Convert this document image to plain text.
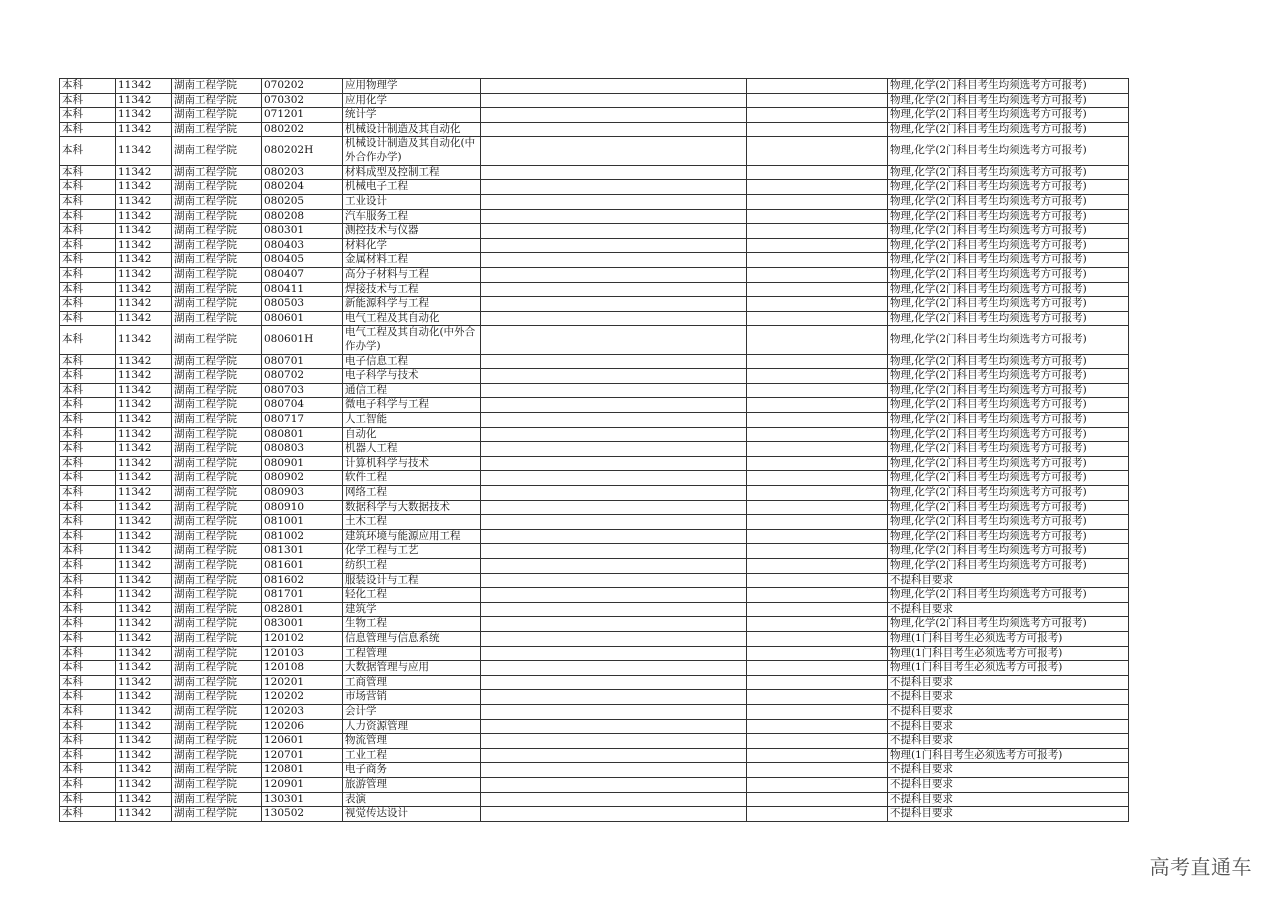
本科	11342	湖南工程学院	070202	应用物理学			物理,化学(2门科目考生均须选考方可报考)
本科	11342	湖南工程学院	070302	应用化学			物理,化学(2门科目考生均须选考方可报考)
本科	11342	湖南工程学院	071201	统计学			物理,化学(2门科目考生均须选考方可报考)
本科	11342	湖南工程学院	080202	机械设计制造及其自动化			物理,化学(2门科目考生均须选考方可报考)
本科	11342	湖南工程学院	080202H	机械设计制造及其自动化(中外合作办学)			物理,化学(2门科目考生均须选考方可报考)
本科	11342	湖南工程学院	080203	材料成型及控制工程			物理,化学(2门科目考生均须选考方可报考)
本科	11342	湖南工程学院	080204	机械电子工程			物理,化学(2门科目考生均须选考方可报考)
本科	11342	湖南工程学院	080205	工业设计			物理,化学(2门科目考生均须选考方可报考)
本科	11342	湖南工程学院	080208	汽车服务工程			物理,化学(2门科目考生均须选考方可报考)
本科	11342	湖南工程学院	080301	测控技术与仪器			物理,化学(2门科目考生均须选考方可报考)
本科	11342	湖南工程学院	080403	材料化学			物理,化学(2门科目考生均须选考方可报考)
本科	11342	湖南工程学院	080405	金属材料工程			物理,化学(2门科目考生均须选考方可报考)
本科	11342	湖南工程学院	080407	高分子材料与工程			物理,化学(2门科目考生均须选考方可报考)
本科	11342	湖南工程学院	080411	焊接技术与工程			物理,化学(2门科目考生均须选考方可报考)
本科	11342	湖南工程学院	080503	新能源科学与工程			物理,化学(2门科目考生均须选考方可报考)
本科	11342	湖南工程学院	080601	电气工程及其自动化			物理,化学(2门科目考生均须选考方可报考)
本科	11342	湖南工程学院	080601H	电气工程及其自动化(中外合作办学)			物理,化学(2门科目考生均须选考方可报考)
本科	11342	湖南工程学院	080701	电子信息工程			物理,化学(2门科目考生均须选考方可报考)
本科	11342	湖南工程学院	080702	电子科学与技术			物理,化学(2门科目考生均须选考方可报考)
本科	11342	湖南工程学院	080703	通信工程			物理,化学(2门科目考生均须选考方可报考)
本科	11342	湖南工程学院	080704	微电子科学与工程			物理,化学(2门科目考生均须选考方可报考)
本科	11342	湖南工程学院	080717	人工智能			物理,化学(2门科目考生均须选考方可报考)
本科	11342	湖南工程学院	080801	自动化			物理,化学(2门科目考生均须选考方可报考)
本科	11342	湖南工程学院	080803	机器人工程			物理,化学(2门科目考生均须选考方可报考)
本科	11342	湖南工程学院	080901	计算机科学与技术			物理,化学(2门科目考生均须选考方可报考)
本科	11342	湖南工程学院	080902	软件工程			物理,化学(2门科目考生均须选考方可报考)
本科	11342	湖南工程学院	080903	网络工程			物理,化学(2门科目考生均须选考方可报考)
本科	11342	湖南工程学院	080910	数据科学与大数据技术			物理,化学(2门科目考生均须选考方可报考)
本科	11342	湖南工程学院	081001	土木工程			物理,化学(2门科目考生均须选考方可报考)
本科	11342	湖南工程学院	081002	建筑环境与能源应用工程			物理,化学(2门科目考生均须选考方可报考)
本科	11342	湖南工程学院	081301	化学工程与工艺			物理,化学(2门科目考生均须选考方可报考)
本科	11342	湖南工程学院	081601	纺织工程			物理,化学(2门科目考生均须选考方可报考)
本科	11342	湖南工程学院	081602	服装设计与工程			不提科目要求
本科	11342	湖南工程学院	081701	轻化工程			物理,化学(2门科目考生均须选考方可报考)
本科	11342	湖南工程学院	082801	建筑学			不提科目要求
本科	11342	湖南工程学院	083001	生物工程			物理,化学(2门科目考生均须选考方可报考)
本科	11342	湖南工程学院	120102	信息管理与信息系统			物理(1门科目考生必须选考方可报考)
本科	11342	湖南工程学院	120103	工程管理			物理(1门科目考生必须选考方可报考)
本科	11342	湖南工程学院	120108	大数据管理与应用			物理(1门科目考生必须选考方可报考)
本科	11342	湖南工程学院	120201	工商管理			不提科目要求
本科	11342	湖南工程学院	120202	市场营销			不提科目要求
本科	11342	湖南工程学院	120203	会计学			不提科目要求
本科	11342	湖南工程学院	120206	人力资源管理			不提科目要求
本科	11342	湖南工程学院	120601	物流管理			不提科目要求
本科	11342	湖南工程学院	120701	工业工程			物理(1门科目考生必须选考方可报考)
本科	11342	湖南工程学院	120801	电子商务			不提科目要求
本科	11342	湖南工程学院	120901	旅游管理			不提科目要求
本科	11342	湖南工程学院	130301	表演			不提科目要求
本科	11342	湖南工程学院	130502	视觉传达设计			不提科目要求
高考直通车
